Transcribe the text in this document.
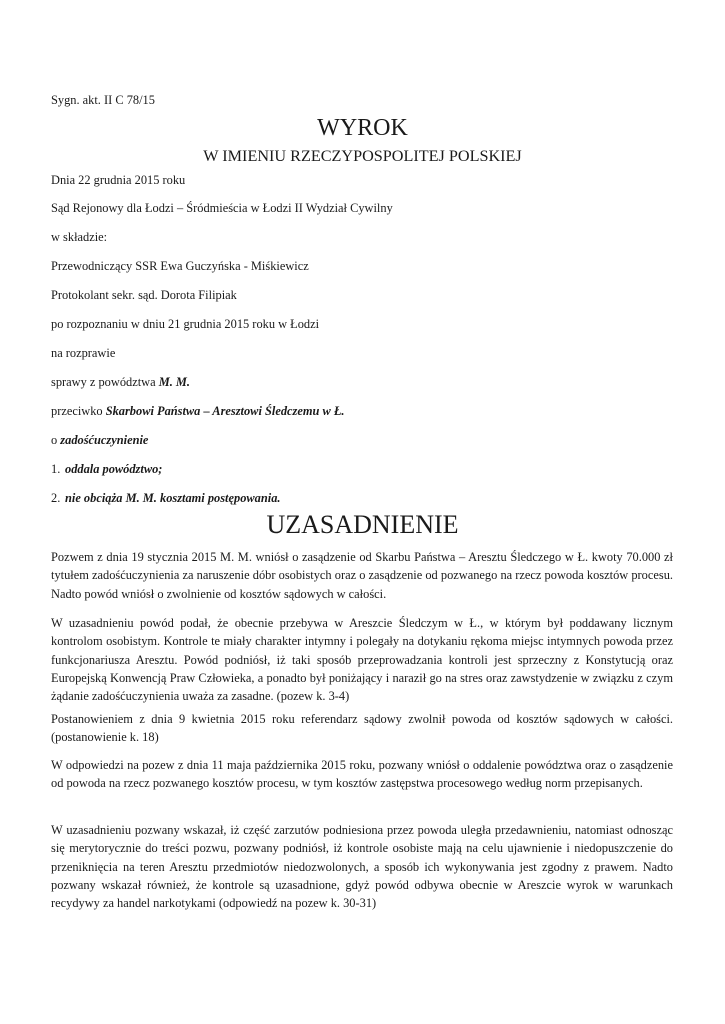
Sygn. akt. II C 78/15
WYROK
W IMIENIU RZECZYPOSPOLITEJ POLSKIEJ
Dnia 22 grudnia 2015 roku
Sąd Rejonowy dla Łodzi – Śródmieścia w Łodzi II Wydział Cywilny
w składzie:
Przewodniczący SSR Ewa Guczyńska - Miśkiewicz
Protokolant sekr. sąd. Dorota Filipiak
po rozpoznaniu w dniu 21 grudnia 2015 roku w Łodzi
na rozprawie
sprawy z powództwa M. M.
przeciwko Skarbowi Państwa – Aresztowi Śledczemu w Ł.
o zadośćuczynienie
1. oddala powództwo;
2. nie obciąża M. M. kosztami postępowania.
UZASADNIENIE
Pozwem z dnia 19 stycznia 2015 M. M. wniósł o zasądzenie od Skarbu Państwa – Aresztu Śledczego w Ł. kwoty 70.000 zł tytułem zadośćuczynienia za naruszenie dóbr osobistych oraz o zasądzenie od pozwanego na rzecz powoda kosztów procesu. Nadto powód wniósł o zwolnienie od kosztów sądowych w całości.
W uzasadnieniu powód podał, że obecnie przebywa w Areszcie Śledczym w Ł., w którym był poddawany licznym kontrolom osobistym. Kontrole te miały charakter intymny i polegały na dotykaniu rękoma miejsc intymnych powoda przez funkcjonariusza Aresztu. Powód podniósł, iż taki sposób przeprowadzania kontroli jest sprzeczny z Konstytucją oraz Europejską Konwencją Praw Człowieka, a ponadto był poniżający i naraził go na stres oraz zawstydzenie w związku z czym żądanie zadośćuczynienia uważa za zasadne. (pozew k. 3-4)
Postanowieniem z dnia 9 kwietnia 2015 roku referendarz sądowy zwolnił powoda od kosztów sądowych w całości. (postanowienie k. 18)
W odpowiedzi na pozew z dnia 11 maja października 2015 roku, pozwany wniósł o oddalenie powództwa oraz o zasądzenie od powoda na rzecz pozwanego kosztów procesu, w tym kosztów zastępstwa procesowego według norm przepisanych.
W uzasadnieniu pozwany wskazał, iż część zarzutów podniesiona przez powoda uległa przedawnieniu, natomiast odnosząc się merytorycznie do treści pozwu, pozwany podniósł, iż kontrole osobiste mają na celu ujawnienie i niedopuszczenie do przeniknięcia na teren Aresztu przedmiotów niedozwolonych, a sposób ich wykonywania jest zgodny z prawem. Nadto pozwany wskazał również, że kontrole są uzasadnione, gdyż powód odbywa obecnie w Areszcie wyrok w warunkach recydywy za handel narkotykami (odpowiedź na pozew k. 30-31)
